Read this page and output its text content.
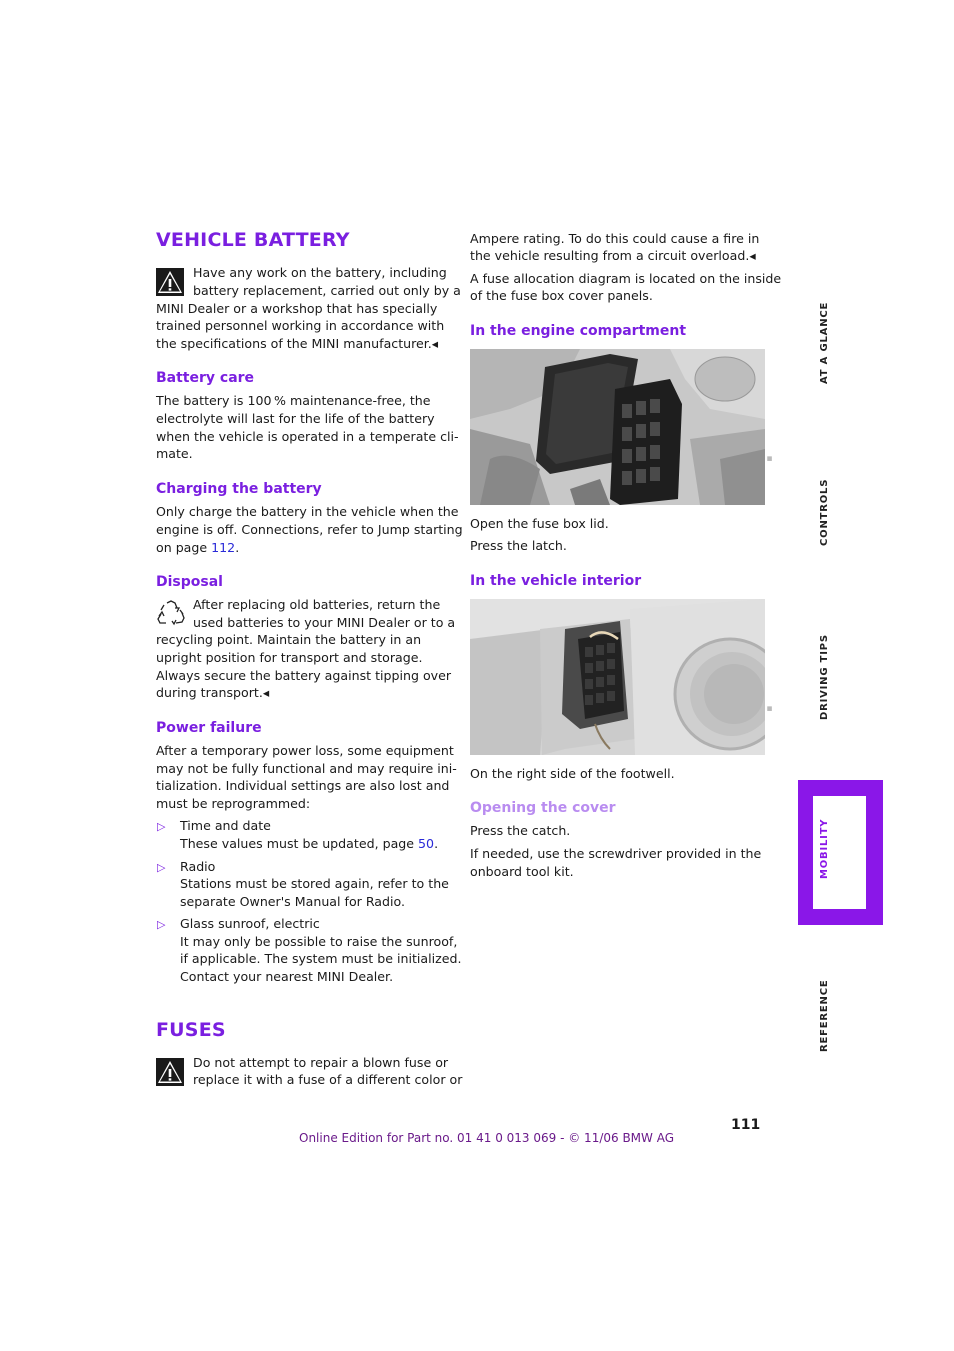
VEHICLE BATTERY
Have any work on the battery, including
battery replacement, carried out only by a
MINI Dealer or a workshop that has specially
trained personnel working in accordance with
the specifications of the MINI manufacturer.◂
Battery care
The battery is 100 % maintenance-free, the
electrolyte will last for the life of the battery
when the vehicle is operated in a temperate cli-
mate.
Charging the battery
Only charge the battery in the vehicle when the
engine is off. Connections, refer to Jump starting
on page 112.
Disposal
After replacing old batteries, return the
used batteries to your MINI Dealer or to a
recycling point. Maintain the battery in an
upright position for transport and storage.
Always secure the battery against tipping over
during transport.◂
Power failure
After a temporary power loss, some equipment
may not be fully functional and may require ini-
tialization. Individual settings are also lost and
must be reprogrammed:
▷ Time and date
These values must be updated, page 50.
▷ Radio
Stations must be stored again, refer to the
separate Owner's Manual for Radio.
▷ Glass sunroof, electric
It may only be possible to raise the sunroof,
if applicable. The system must be initialized.
Contact your nearest MINI Dealer.
FUSES
Do not attempt to repair a blown fuse or
replace it with a fuse of a different color or
Ampere rating. To do this could cause a fire in
the vehicle resulting from a circuit overload.◂
A fuse allocation diagram is located on the inside
of the fuse box cover panels.
In the engine compartment
■
Open the fuse box lid.
Press the latch.
In the vehicle interior
■
On the right side of the footwell.
Opening the cover
Press the catch.
If needed, use the screwdriver provided in the
onboard tool kit.
AT A GLANCE
CONTROLS
DRIVING TIPS
MOBILITY
REFERENCE
111
Online Edition for Part no. 01 41 0 013 069 - © 11/06 BMW AG
